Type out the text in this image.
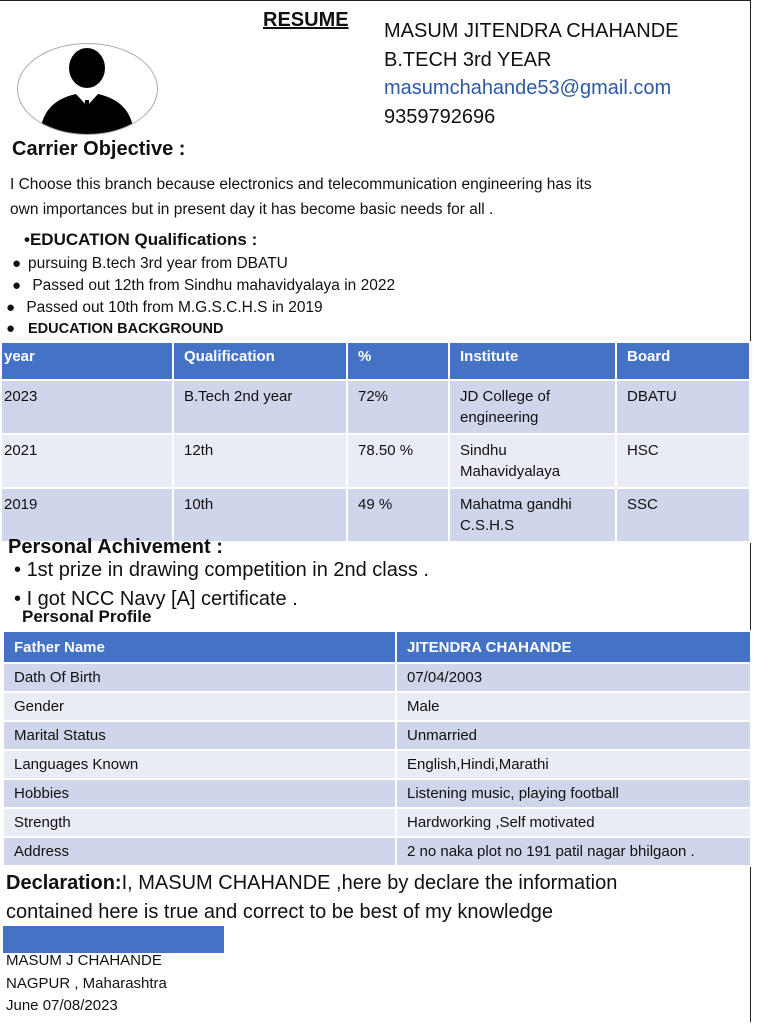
RESUME MASUM JITENDRA CHAHANDE
B.TECH 3rd YEAR
masumchahande53@gmail.com
9359792696
Carrier Objective :
I Choose this branch because electronics and telecommunication engineering has its
own importances but in present day it has become basic needs for all .
•EDUCATION Qualifications :
● pursuing B.tech 3rd year from DBATU
● Passed out 12th from Sindhu mahavidyalaya in 2022
● Passed out 10th from M.G.S.C.H.S in 2019
● EDUCATION BACKGROUND
year	Qualification	%	Institute	Board
2023	B.Tech 2nd year	72%	JD College of engineering	DBATU
2021	12th	78.50 %	Sindhu Mahavidyalaya	HSC
2019	10th	49 %	Mahatma gandhi C.S.H.S	SSC
Personal Achivement :
• 1st prize in drawing competition in 2nd class .
• I got NCC Navy [A] certificate .
Personal Profile
Father Name	JITENDRA CHAHANDE
Dath Of Birth	07/04/2003
Gender	Male
Marital Status	Unmarried
Languages Known	English,Hindi,Marathi
Hobbies	Listening music, playing football
Strength	Hardworking ,Self motivated
Address	2 no naka plot no 191 patil nagar bhilgaon .
Declaration:I, MASUM CHAHANDE ,here by declare the information
contained here is true and correct to be best of my knowledge
MASUM J CHAHANDE
NAGPUR , Maharashtra
June 07/08/2023
